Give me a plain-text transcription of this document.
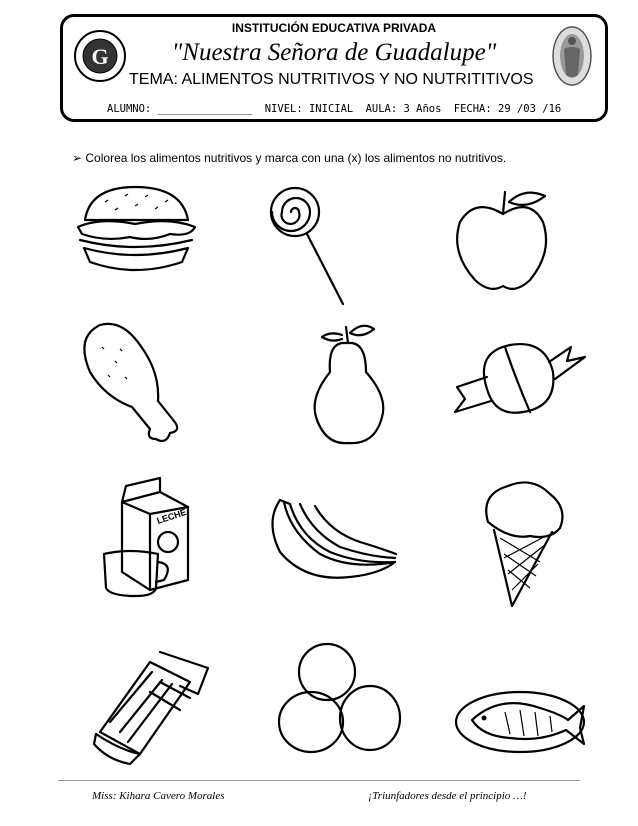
G
INSTITUCIÓN EDUCATIVA PRIVADA
"Nuestra Señora de Guadalupe"
TEMA: ALIMENTOS NUTRITIVOS Y NO NUTRITITIVOS
ALUMNO: _______________ NIVEL: INICIAL AULA: 3 Años FECHA: 29 /03 /16
➢ Colorea los alimentos nutritivos y marca con una (x) los alimentos no nutritivos.
LECHE
Miss: Kihara Cavero Morales	¡Triunfadores desde el principio …!
